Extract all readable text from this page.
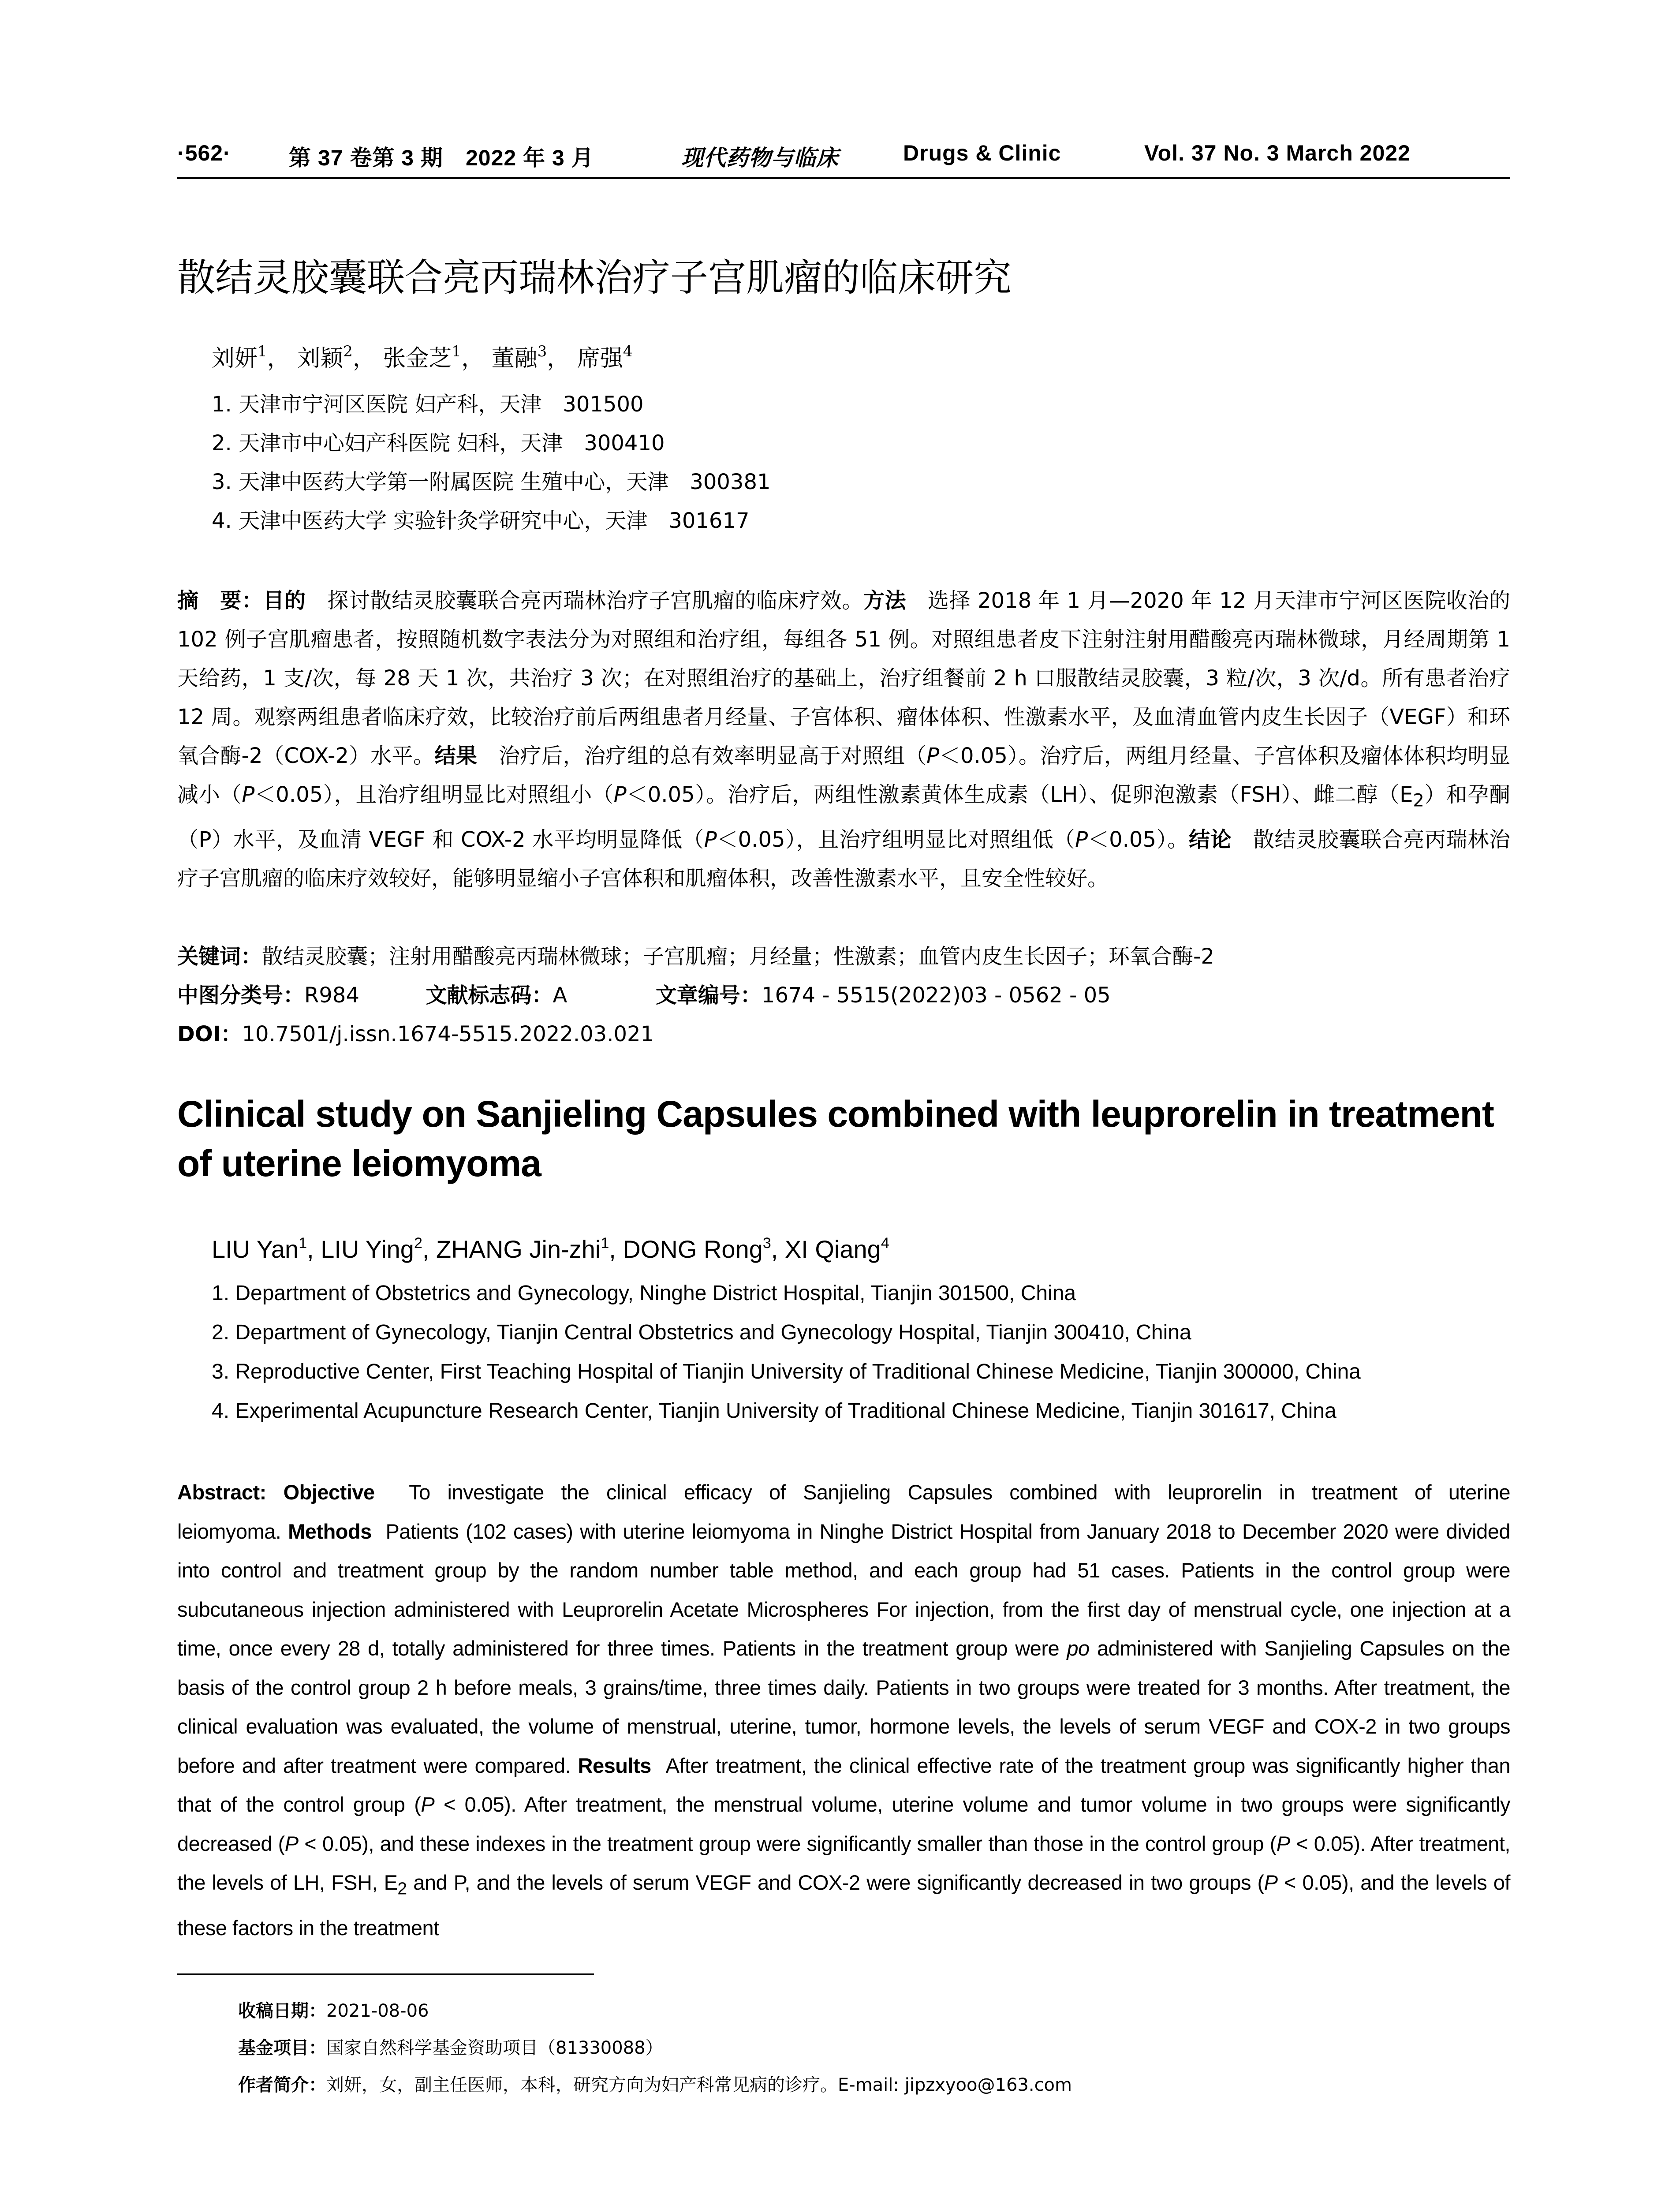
·562·	第 37 卷第 3 期　2022 年 3 月	现代药物与临床	Drugs & Clinic	Vol. 37 No. 3 March 2022
散结灵胶囊联合亮丙瑞林治疗子宫肌瘤的临床研究
刘妍$^1$， 刘颖$^2$， 张金芝$^1$， 董融$^3$， 席强$^4$
1. 天津市宁河区医院 妇产科，天津　301500
2. 天津市中心妇产科医院 妇科，天津　300410
3. 天津中医药大学第一附属医院 生殖中心，天津　300381
4. 天津中医药大学 实验针灸学研究中心，天津　301617
摘　要：目的　探讨散结灵胶囊联合亮丙瑞林治疗子宫肌瘤的临床疗效。方法　选择 2018 年 1 月—2020 年 12 月天津市宁河区医院收治的 102 例子宫肌瘤患者，按照随机数字表法分为对照组和治疗组，每组各 51 例。对照组患者皮下注射注射用醋酸亮丙瑞林微球，月经周期第 1 天给药，1 支/次，每 28 天 1 次，共治疗 3 次；在对照组治疗的基础上，治疗组餐前 2 h 口服散结灵胶囊，3 粒/次，3 次/d。所有患者治疗 12 周。观察两组患者临床疗效，比较治疗前后两组患者月经量、子宫体积、瘤体体积、性激素水平，及血清血管内皮生长因子（VEGF）和环氧合酶-2（COX-2）水平。结果　治疗后，治疗组的总有效率明显高于对照组（P＜0.05）。治疗后，两组月经量、子宫体积及瘤体体积均明显减小（P＜0.05），且治疗组明显比对照组小（P＜0.05）。治疗后，两组性激素黄体生成素（LH）、促卵泡激素（FSH）、雌二醇$(E_2)$和孕酮（P）水平，及血清 VEGF 和 COX-2 水平均明显降低（P＜0.05），且治疗组明显比对照组低（P＜0.05）。结论　散结灵胶囊联合亮丙瑞林治疗子宫肌瘤的临床疗效较好，能够明显缩小子宫体积和肌瘤体积，改善性激素水平，且安全性较好。
关键词：散结灵胶囊；注射用醋酸亮丙瑞林微球；子宫肌瘤；月经量；性激素；血管内皮生长因子；环氧合酶-2
中图分类号：R984	文献标志码：A	文章编号：1674 - 5515(2022)03 - 0562 - 05
DOI：10.7501/j.issn.1674-5515.2022.03.021
Clinical study on Sanjieling Capsules combined with leuprorelin in treatment of uterine leiomyoma
LIU Yan$^1$, LIU Ying$^2$, ZHANG Jin-zhi$^1$, DONG Rong$^3$, XI Qiang$^4$
1. Department of Obstetrics and Gynecology, Ninghe District Hospital, Tianjin 301500, China
2. Department of Gynecology, Tianjin Central Obstetrics and Gynecology Hospital, Tianjin 300410, China
3. Reproductive Center, First Teaching Hospital of Tianjin University of Traditional Chinese Medicine, Tianjin 300000, China
4. Experimental Acupuncture Research Center, Tianjin University of Traditional Chinese Medicine, Tianjin 301617, China
Abstract: Objective To investigate the clinical efficacy of Sanjieling Capsules combined with leuprorelin in treatment of uterine leiomyoma. Methods Patients (102 cases) with uterine leiomyoma in Ninghe District Hospital from January 2018 to December 2020 were divided into control and treatment group by the random number table method, and each group had 51 cases. Patients in the control group were subcutaneous injection administered with Leuprorelin Acetate Microspheres For injection, from the first day of menstrual cycle, one injection at a time, once every 28 d, totally administered for three times. Patients in the treatment group were po administered with Sanjieling Capsules on the basis of the control group 2 h before meals, 3 grains/time, three times daily. Patients in two groups were treated for 3 months. After treatment, the clinical evaluation was evaluated, the volume of menstrual, uterine, tumor, hormone levels, the levels of serum VEGF and COX-2 in two groups before and after treatment were compared. Results After treatment, the clinical effective rate of the treatment group was significantly higher than that of the control group (P < 0.05). After treatment, the menstrual volume, uterine volume and tumor volume in two groups were significantly decreased (P < 0.05), and these indexes in the treatment group were significantly smaller than those in the control group (P < 0.05). After treatment, the levels of LH, FSH, $E_2$ and P, and the levels of serum VEGF and COX-2 were significantly decreased in two groups (P < 0.05), and the levels of these factors in the treatment
收稿日期：2021-08-06
基金项目：国家自然科学基金资助项目（81330088）
作者简介：刘妍，女，副主任医师，本科，研究方向为妇产科常见病的诊疗。E-mail: jipzxyoo@163.com
